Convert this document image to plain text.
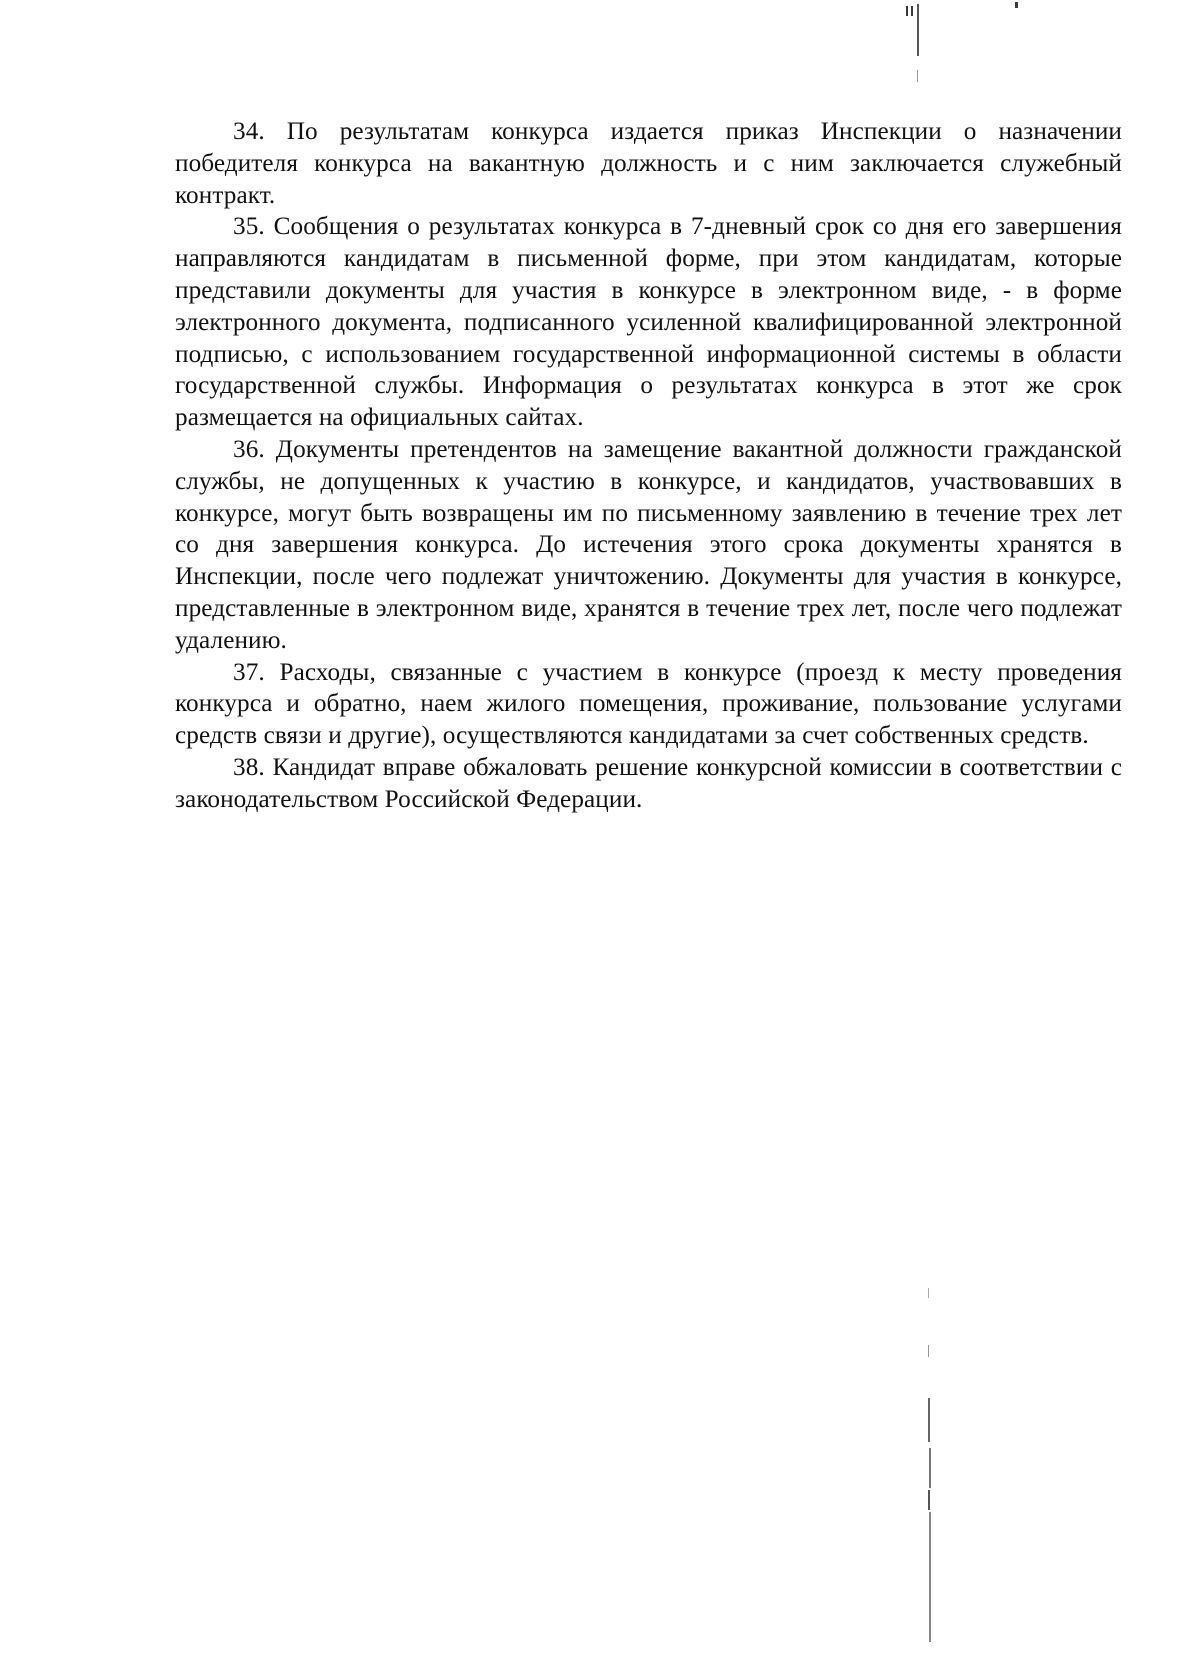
34. По результатам конкурса издается приказ Инспекции о назначении победителя конкурса на вакантную должность и с ним заключается служебный контракт.

35. Сообщения о результатах конкурса в 7-дневный срок со дня его завершения направляются кандидатам в письменной форме, при этом кандидатам, которые представили документы для участия в конкурсе в электронном виде, - в форме электронного документа, подписанного усиленной квалифицированной электронной подписью, с использованием государственной информационной системы в области государственной службы. Информация о результатах конкурса в этот же срок размещается на официальных сайтах.

36. Документы претендентов на замещение вакантной должности гражданской службы, не допущенных к участию в конкурсе, и кандидатов, участвовавших в конкурсе, могут быть возвращены им по письменному заявлению в течение трех лет со дня завершения конкурса. До истечения этого срока документы хранятся в Инспекции, после чего подлежат уничтожению. Документы для участия в конкурсе, представленные в электронном виде, хранятся в течение трех лет, после чего подлежат удалению.

37. Расходы, связанные с участием в конкурсе (проезд к месту проведения конкурса и обратно, наем жилого помещения, проживание, пользование услугами средств связи и другие), осуществляются кандидатами за счет собственных средств.

38. Кандидат вправе обжаловать решение конкурсной комиссии в соответствии с законодательством Российской Федерации.
